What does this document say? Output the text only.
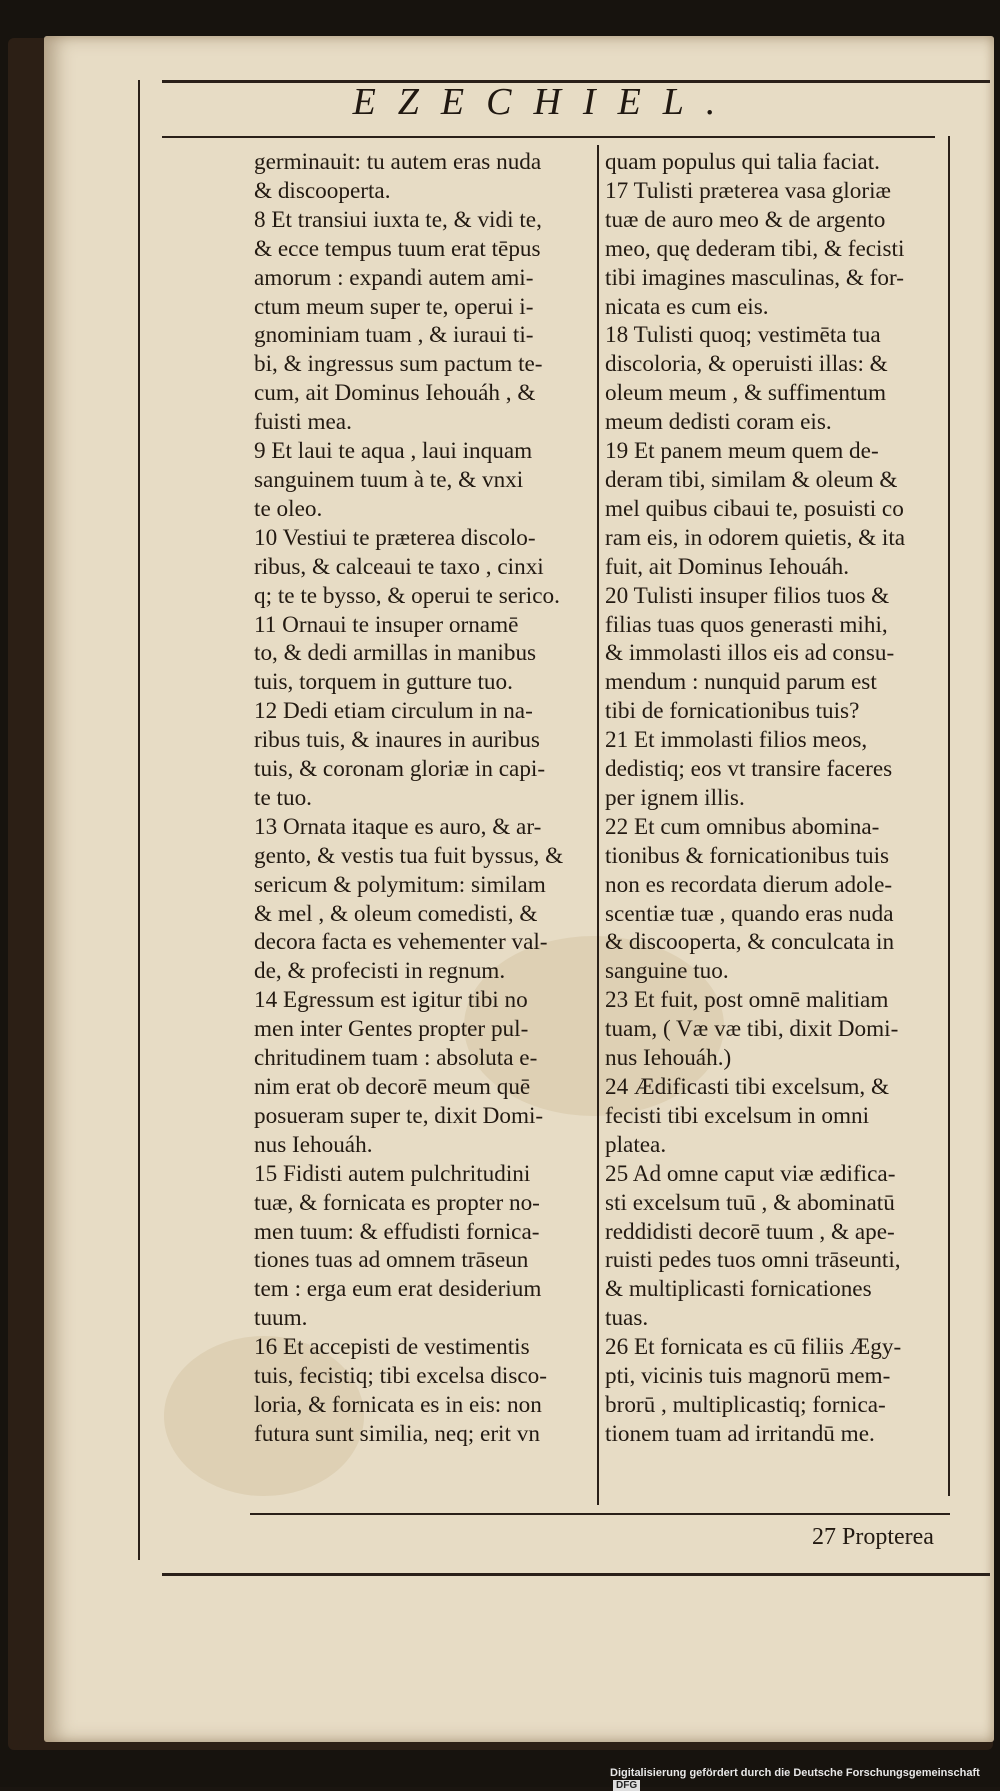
EZECHIEL.

germinauit: tu autem eras nuda

& discooperta.

8 Et transiui iuxta te, & vidi te,

& ecce tempus tuum erat tēpus

amorum : expandi autem ami-

ctum meum super te, operui i-

gnominiam tuam , & iuraui ti-

bi, & ingressus sum pactum te-

cum, ait Dominus Iehouáh , &

fuisti mea.

9 Et laui te aqua , laui inquam

sanguinem tuum à te, & vnxi

te oleo.

10 Vestiui te præterea discolo-

ribus, & calceaui te taxo , cinxi

q; te te bysso, & operui te serico.

11 Ornaui te insuper ornamē

to, & dedi armillas in manibus

tuis, torquem in gutture tuo.

12 Dedi etiam circulum in na-

ribus tuis, & inaures in auribus

tuis, & coronam gloriæ in capi-

te tuo.

13 Ornata itaque es auro, & ar-

gento, & vestis tua fuit byssus, &

sericum & polymitum: similam

& mel , & oleum comedisti, &

decora facta es vehementer val-

de, & profecisti in regnum.

14 Egressum est igitur tibi no

men inter Gentes propter pul-

chritudinem tuam : absoluta e-

nim erat ob decorē meum quē

posueram super te, dixit Domi-

nus Iehouáh.

15 Fidisti autem pulchritudini

tuæ, & fornicata es propter no-

men tuum: & effudisti fornica-

tiones tuas ad omnem trāseun

tem : erga eum erat desiderium

tuum.

16 Et accepisti de vestimentis

tuis, fecistiq; tibi excelsa disco-

loria, & fornicata es in eis: non

futura sunt similia, neq; erit vn

quam populus qui talia faciat.

17 Tulisti præterea vasa gloriæ

tuæ de auro meo & de argento

meo, quę dederam tibi, & fecisti

tibi imagines masculinas, & for-

nicata es cum eis.

18 Tulisti quoq; vestimēta tua

discoloria, & operuisti illas: &

oleum meum , & suffimentum

meum dedisti coram eis.

19 Et panem meum quem de-

deram tibi, similam & oleum &

mel quibus cibaui te, posuisti co

ram eis, in odorem quietis, & ita

fuit, ait Dominus Iehouáh.

20 Tulisti insuper filios tuos &

filias tuas quos generasti mihi,

& immolasti illos eis ad consu-

mendum : nunquid parum est

tibi de fornicationibus tuis?

21 Et immolasti filios meos,

dedistiq; eos vt transire faceres

per ignem illis.

22 Et cum omnibus abomina-

tionibus & fornicationibus tuis

non es recordata dierum adole-

scentiæ tuæ , quando eras nuda

& discooperta, & conculcata in

sanguine tuo.

23 Et fuit, post omnē malitiam

tuam, ( Væ væ tibi, dixit Domi-

nus Iehouáh.)

24 Ædificasti tibi excelsum, &

fecisti tibi excelsum in omni

platea.

25 Ad omne caput viæ ædifica-

sti excelsum tuū , & abominatū

reddidisti decorē tuum , & ape-

ruisti pedes tuos omni trāseunti,

& multiplicasti fornicationes

tuas.

26 Et fornicata es cū filiis Ægy-

pti, vicinis tuis magnorū mem-

brorū , multiplicastiq; fornica-

tionem tuam ad irritandū me.

27 Propterea
Digitalisierung gefördert durch die Deutsche Forschungsgemeinschaft DFG
